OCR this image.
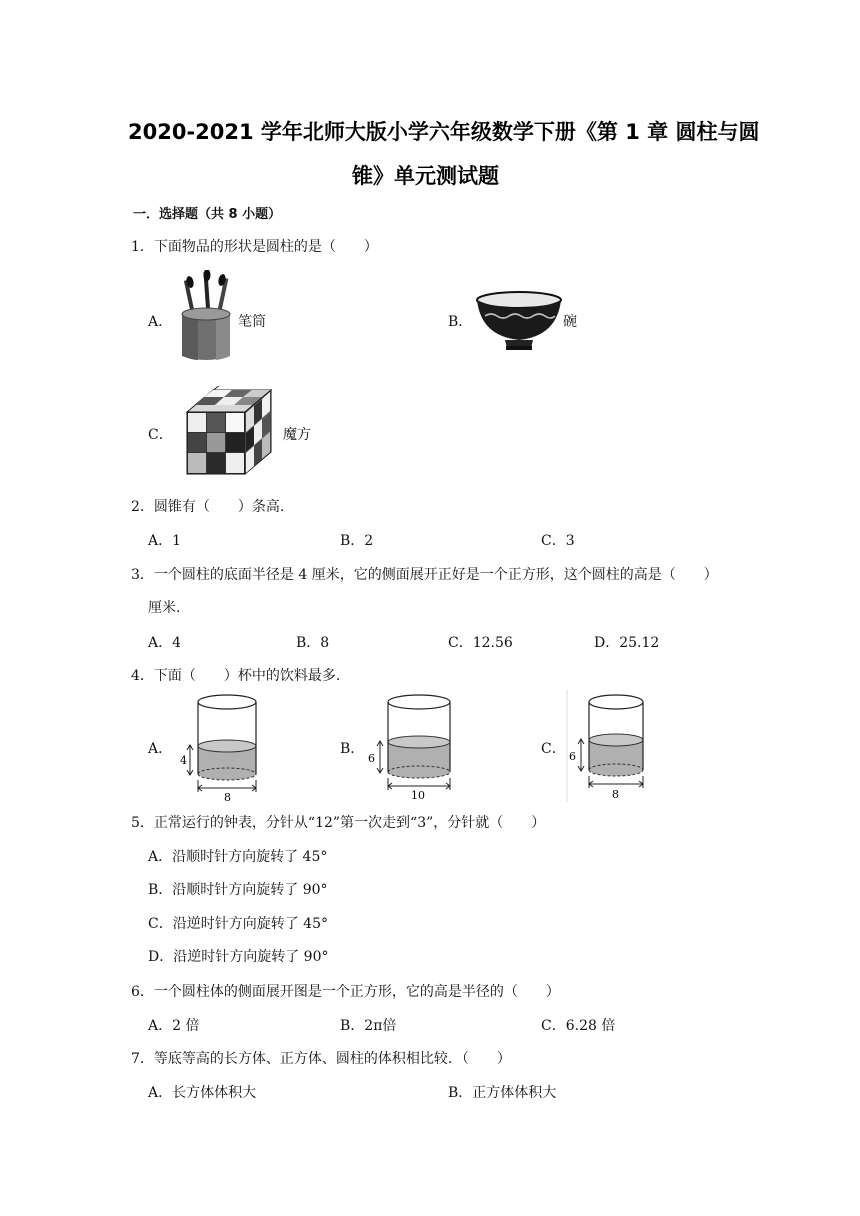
2020-2021 学年北师大版小学六年级数学下册《第 1 章 圆柱与圆
锥》单元测试题
一．选择题（共 8 小题）
1．下面物品的形状是圆柱的是（　　）
A．	笔筒	B．	碗
C．	魔方
2．圆锥有（　　）条高.
A．1	B．2	C．3
3．一个圆柱的底面半径是 4 厘米，它的侧面展开正好是一个正方形，这个圆柱的高是（　　）
厘米.
A．4	B．8	C．12.56	D．25.12
4．下面（　　）杯中的饮料最多.
A．
4
8
B．
6
10
C． 6
8
5．正常运行的钟表，分针从“12”第一次走到“3”，分针就（　　）
A．沿顺时针方向旋转了 45°
B．沿顺时针方向旋转了 90°
C．沿逆时针方向旋转了 45°
D．沿逆时针方向旋转了 90°
6．一个圆柱体的侧面展开图是一个正方形，它的高是半径的（　　）
A．2 倍	B．2π倍	C．6.28 倍
7．等底等高的长方体、正方体、圆柱的体积相比较．（　　）
A．长方体体积大	B．正方体体积大
